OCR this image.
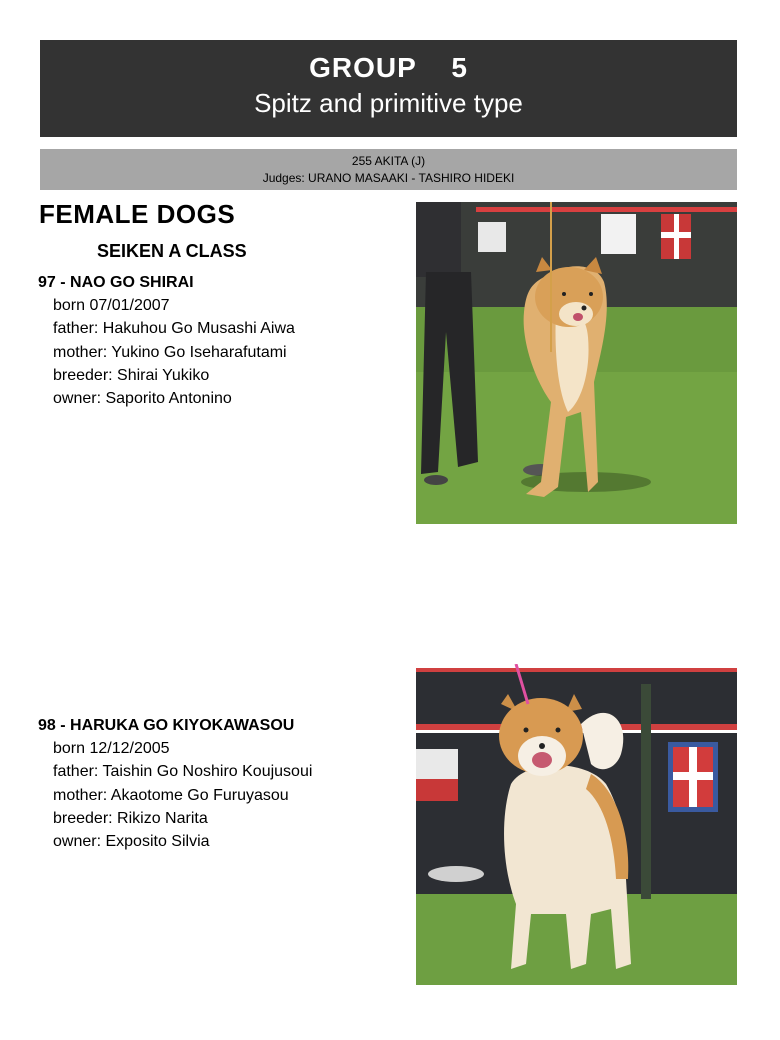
GROUP    5
Spitz and primitive type
255 AKITA (J)
Judges: URANO MASAAKI - TASHIRO HIDEKI
FEMALE DOGS
SEIKEN A CLASS
97 - NAO GO SHIRAI
born 07/01/2007
father: Hakuhou Go Musashi Aiwa
mother: Yukino Go Iseharafutami
breeder: Shirai Yukiko
owner: Saporito Antonino
98 - HARUKA GO KIYOKAWASOU
born 12/12/2005
father: Taishin Go Noshiro Koujusoui
mother: Akaotome Go Furuyasou
breeder: Rikizo Narita
owner: Exposito Silvia
